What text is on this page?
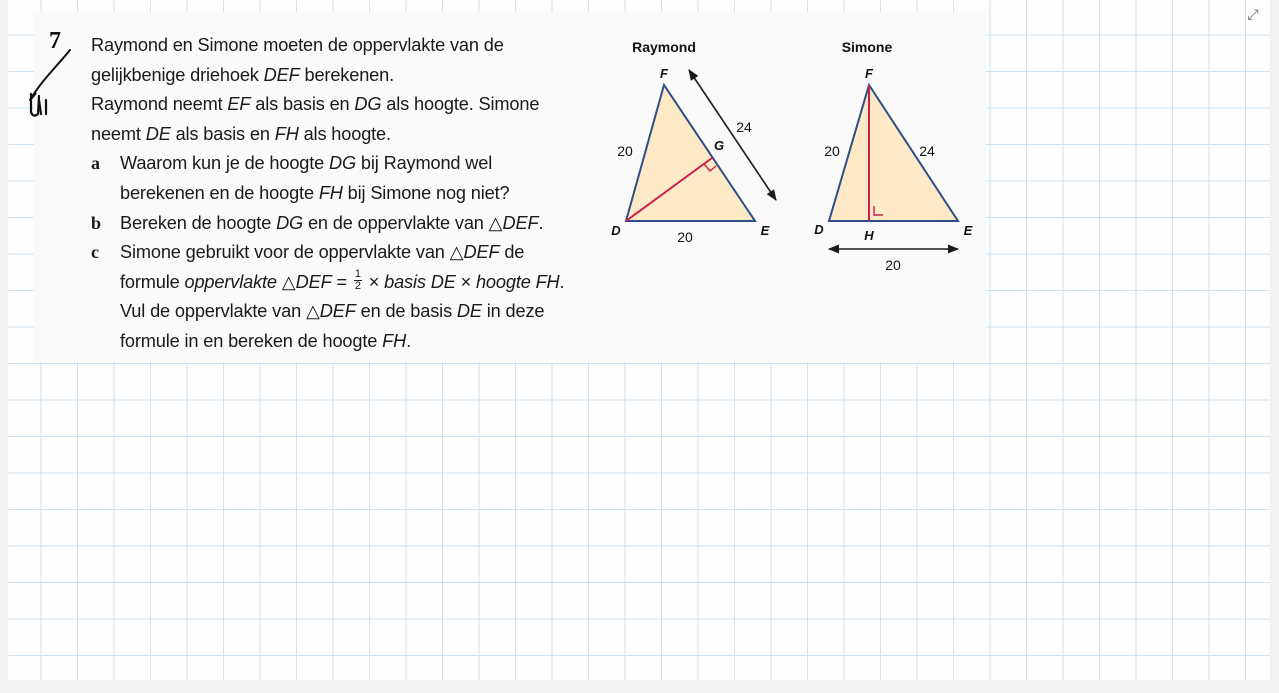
⤢
7 Raymond en Simone moeten de oppervlakte van de
gelijkbenige driehoek DEF berekenen.
Raymond neemt EF als basis en DG als hoogte. Simone
neemt DE als basis en FH als hoogte.
a Waarom kun je de hoogte DG bij Raymond wel
berekenen en de hoogte FH bij Simone nog niet?
b Bereken de hoogte DG en de oppervlakte van △DEF.
c Simone gebruikt voor de oppervlakte van △DEF de
formule oppervlakte △DEF = $\frac{1}{2}$ × basis DE × hoogte FH.
Vul de oppervlakte van △DEF en de basis DE in deze
formule in en bereken de hoogte FH.
Raymond
F
D	E
G
20
20
24
Simone
F
D	E
H
20	24
20
